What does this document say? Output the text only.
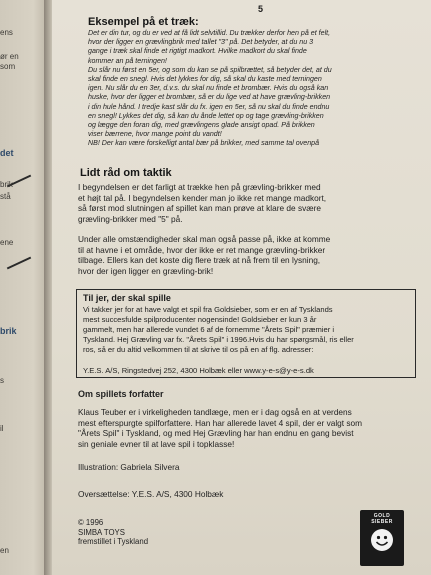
ens
ør en
som
det
brik
stå
ene
brik
s
il
en
5
Eksempel på et træk:
Det er din tur, og du er ved at få lidt selvtillid. Du trækker derfor hen på et felt,
hvor der ligger en grævlingbrik med tallet "3" på. Det betyder, at du nu 3
gange i træk skal finde et rigtigt madkort. Hvilke madkort du skal finde
kommer an på terningen!
Du slår nu først en 5er, og som du kan se på spilbrættet, så betyder det, at du
skal finde en snegl. Hvis det lykkes for dig, så skal du kaste med terningen
igen. Nu slår du en 3er, d.v.s. du skal nu finde et brombær. Hvis du også kan
huske, hvor der ligger et brombær, så er du lige ved at have grævling-brikken
i din hule hånd. I tredje kast slår du fx. igen en 5er, så nu skal du finde endnu
en snegl! Lykkes det dig, så kan du ånde lettet op og tage grævling-brikken
og lægge den foran dig, med grævlingens glade ansigt opad. På brikken
viser bærrene, hvor mange point du vandt!
NB! Der kan være forskelligt antal bær på brikker, med samme tal ovenpå
Lidt råd om taktik
I begyndelsen er det farligt at trække hen på grævling-brikker med
et højt tal på. I begyndelsen kender man jo ikke ret mange madkort,
så først mod slutningen af spillet kan man prøve at klare de svære
grævling-brikker med "5" på.
Under alle omstændigheder skal man også passe på, ikke at komme
til at havne i et område, hvor der ikke er ret mange grævling-brikker
tilbage. Ellers kan det koste dig flere træk at nå frem til en lysning,
hvor der igen ligger en grævling-brik!
Til jer, der skal spille
Vi takker jer for at have valgt et spil fra Goldsieber, som er en af Tysklands
mest succesfulde spilproducenter nogensinde! Goldsieber er kun 3 år
gammelt, men har allerede vundet 6 af de fornemme "Årets Spil" præmier i
Tyskland. Hej Grævling var fx. "Årets Spil" i 1996.Hvis du har spørgsmål, ris eller
ros, så er du altid velkommen til at skrive til os på en af flg. adresser:
Y.E.S. A/S, Ringstedvej 252, 4300 Holbæk eller www.y-e-s@y-e-s.dk
Om spillets forfatter
Klaus Teuber er i virkeligheden tandlæge, men er i dag også en at verdens
mest efterspurgte spilforfattere. Han har allerede lavet 4 spil, der er valgt som
"Årets Spil" i Tyskland, og med Hej Grævling har han endnu en gang bevist
sin geniale evner til at lave spil i topklasse!
Illustration: Gabriela Silvera
Oversættelse: Y.E.S. A/S, 4300 Holbæk
© 1996
SIMBA TOYS
fremstillet i Tyskland
GOLD
SIEBER
